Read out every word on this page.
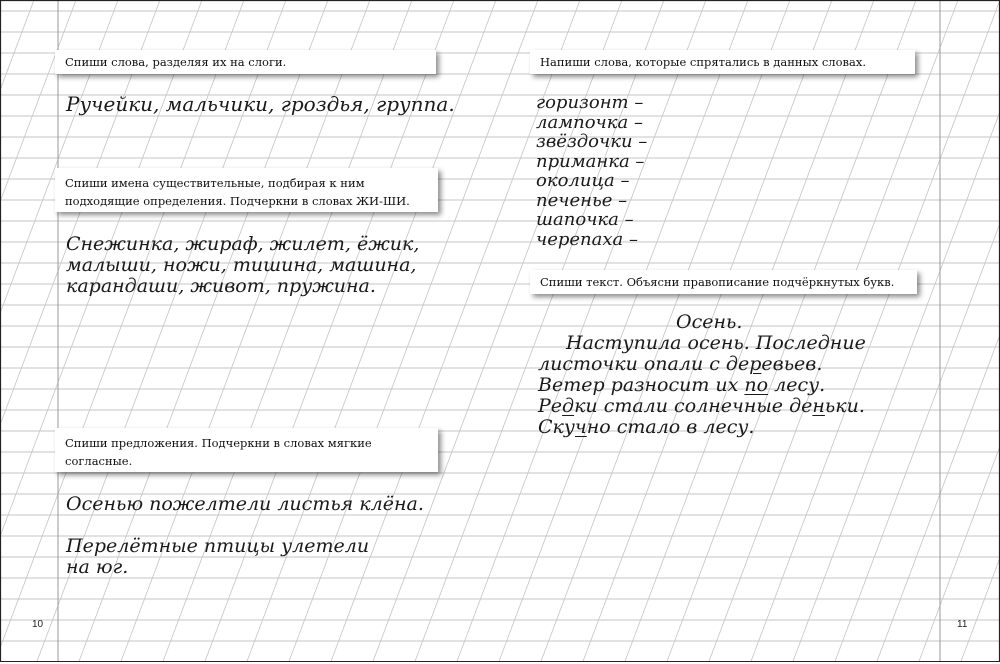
Спиши слова, разделяя их на слоги.
Ручейки, мальчики, гроздья, группа.
Спиши имена существительные, подбирая к ним подходящие определения. Подчеркни в словах ЖИ-ШИ.
Снежинка, жираф, жилет, ёжик,
малыши, ножи, тишина, машина,
карандаши, живот, пружина.
Спиши предложения. Подчеркни в словах мягкие согласные.
Осенью пожелтели листья клёна.
Перелётные птицы улетели
на юг.
10
Напиши слова, которые спрятались в данных словах.
горизонт –
лампочка –
звёздочки –
приманка –
околица –
печенье –
шапочка –
черепаха –
Спиши текст. Объясни правописание подчёркнутых букв.
Осень.
Наступила осень. Последние
листочки опали с деревьев.
Ветер разносит их по лесу.
Редки стали солнечные деньки.
Скучно стало в лесу.
11
